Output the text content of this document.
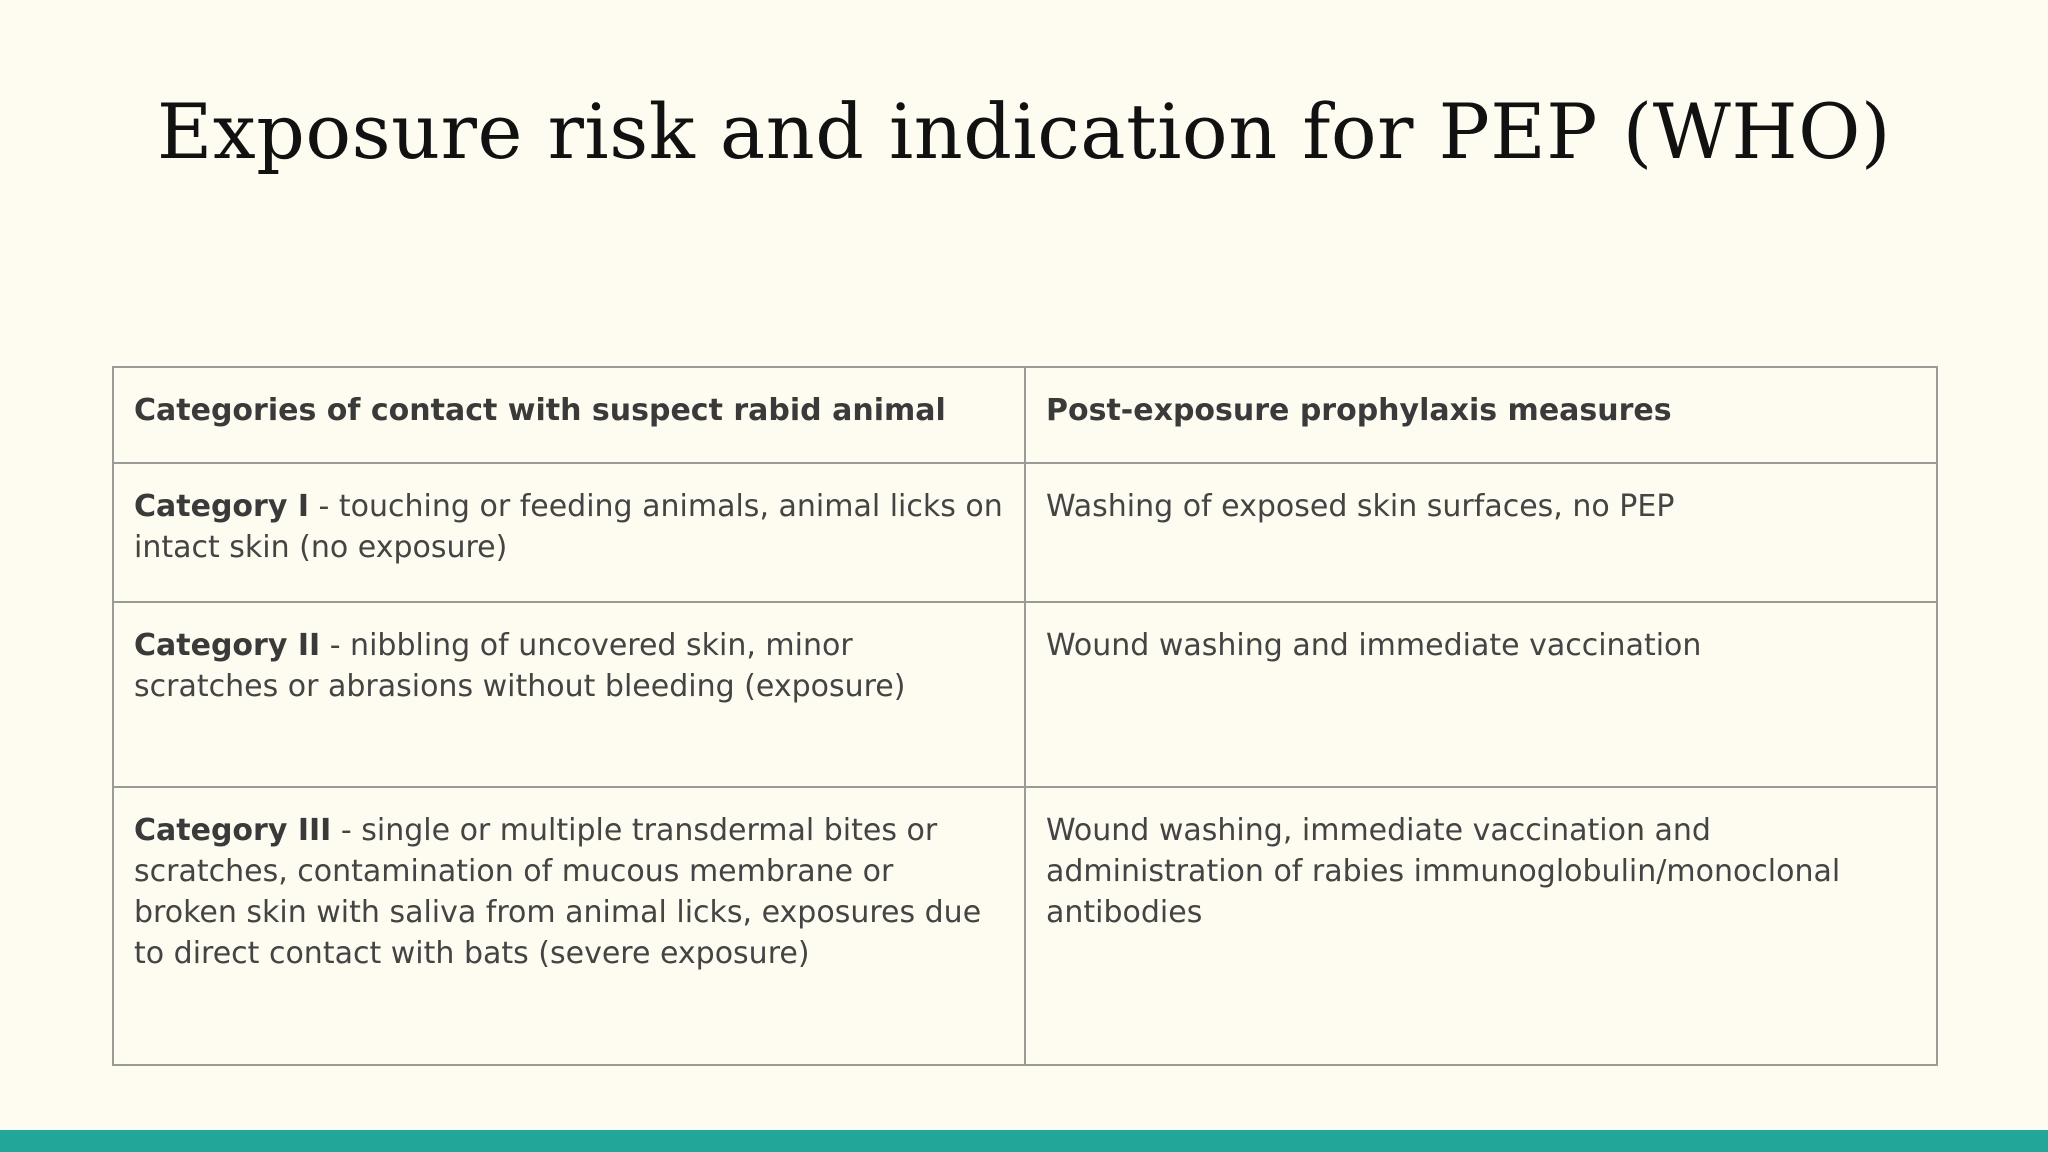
Exposure risk and indication for PEP (WHO)
Categories of contact with suspect rabid animal	Post-exposure prophylaxis measures
Category I - touching or feeding animals, animal licks on intact skin (no exposure)	Washing of exposed skin surfaces, no PEP
Category II - nibbling of uncovered skin, minor scratches or abrasions without bleeding (exposure)	Wound washing and immediate vaccination
Category III - single or multiple transdermal bites or scratches, contamination of mucous membrane or broken skin with saliva from animal licks, exposures due to direct contact with bats (severe exposure)	Wound washing, immediate vaccination and administration of rabies immunoglobulin/monoclonal antibodies
